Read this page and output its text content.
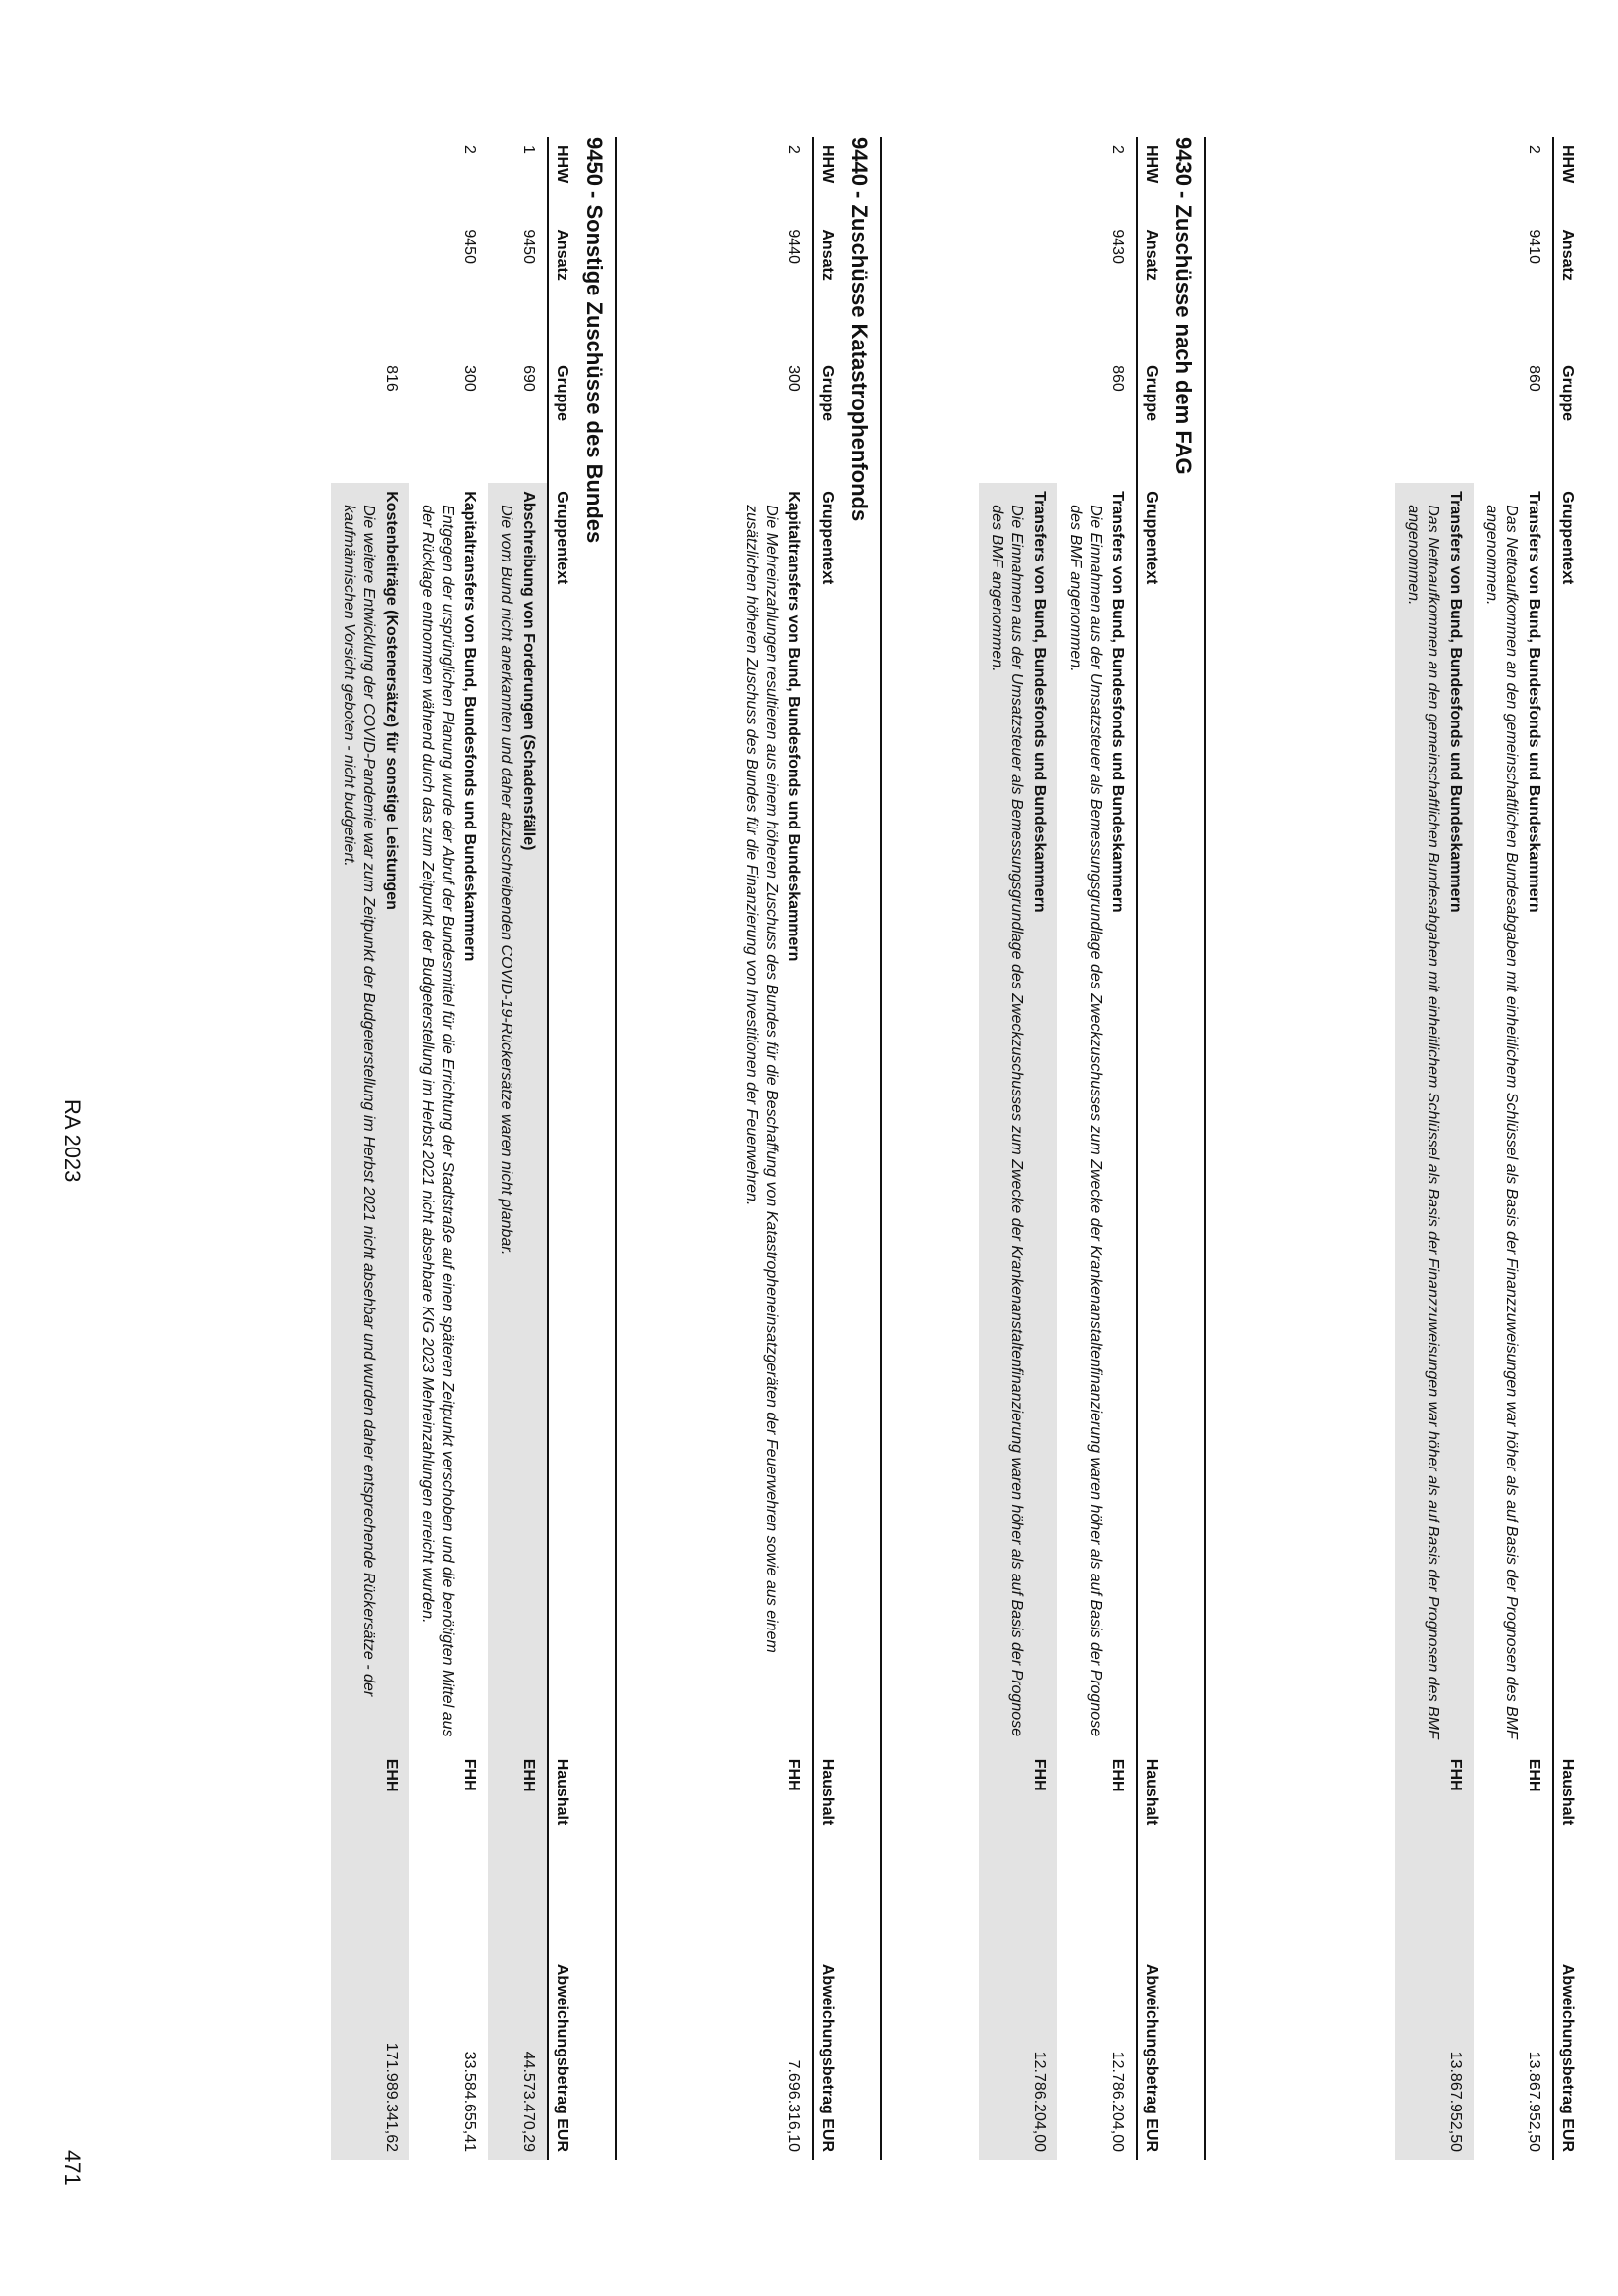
HHW	Ansatz	Gruppe	Gruppentext	Haushalt	Abweichungsbetrag EUR
2	9410	860	Transfers von Bund, Bundesfonds und Bundeskammern	EHH	13.867.952,50
			Das Nettoaufkommen an den gemeinschaftlichen Bundesabgaben mit einheitlichem Schlüssel als Basis der Finanzzuweisungen war höher als auf Basis der Prognosen des BMF angenommen.		
			Transfers von Bund, Bundesfonds und Bundeskammern	FHH	13.867.952,50
			Das Nettoaufkommen an den gemeinschaftlichen Bundesabgaben mit einheitlichem Schlüssel als Basis der Finanzzuweisungen war höher als auf Basis der Prognosen des BMF angenommen.		
9430 - Zuschüsse nach dem FAG
HHW	Ansatz	Gruppe	Gruppentext	Haushalt	Abweichungsbetrag EUR
2	9430	860	Transfers von Bund, Bundesfonds und Bundeskammern	EHH	12.786.204,00
			Die Einnahmen aus der Umsatzsteuer als Bemessungsgrundlage des Zweckzuschusses zum Zwecke der Krankenanstaltenfinanzierung waren höher als auf Basis der Prognose des BMF angenommen.		
			Transfers von Bund, Bundesfonds und Bundeskammern	FHH	12.786.204,00
			Die Einnahmen aus der Umsatzsteuer als Bemessungsgrundlage des Zweckzuschusses zum Zwecke der Krankenanstaltenfinanzierung waren höher als auf Basis der Prognose des BMF angenommen.		
9440 - Zuschüsse Katastrophenfonds
HHW	Ansatz	Gruppe	Gruppentext	Haushalt	Abweichungsbetrag EUR
2	9440	300	Kapitaltransfers von Bund, Bundesfonds und Bundeskammern	FHH	7.696.316,10
			Die Mehreinzahlungen resultieren aus einem höheren Zuschuss des Bundes für die Beschaffung von Katastropheneinsatzgeräten der Feuerwehren sowie aus einem zusätzlichen höheren Zuschuss des Bundes für die Finanzierung von Investitionen der Feuerwehren.		
9450 - Sonstige Zuschüsse des Bundes
HHW	Ansatz	Gruppe	Gruppentext	Haushalt	Abweichungsbetrag EUR
1	9450	690	Abschreibung von Forderungen (Schadensfälle)	EHH	44.573.470,29
			Die vom Bund nicht anerkannten und daher abzuschreibenden COVID-19-Rückersätze waren nicht planbar.		
2	9450	300	Kapitaltransfers von Bund, Bundesfonds und Bundeskammern	FHH	33.584.655,41
			Entgegen der ursprünglichen Planung wurde der Abruf der Bundesmittel für die Errichtung der Stadtstraße auf einen späteren Zeitpunkt verschoben und die benötigten Mittel aus der Rücklage entnommen während durch das zum Zeitpunkt der Budgeterstellung im Herbst 2021 nicht absehbare KIG 2023 Mehreinzahlungen erreicht wurden.		
		816	Kostenbeiträge (Kostenersätze) für sonstige Leistungen	EHH	171.989.341,62
			Die weitere Entwicklung der COVID-Pandemie war zum Zeitpunkt der Budgeterstellung im Herbst 2021 nicht absehbar und wurden daher entsprechende Rückersätze - der kaufmännischen Vorsicht geboten - nicht budgetiert.		
RA 2023
471
